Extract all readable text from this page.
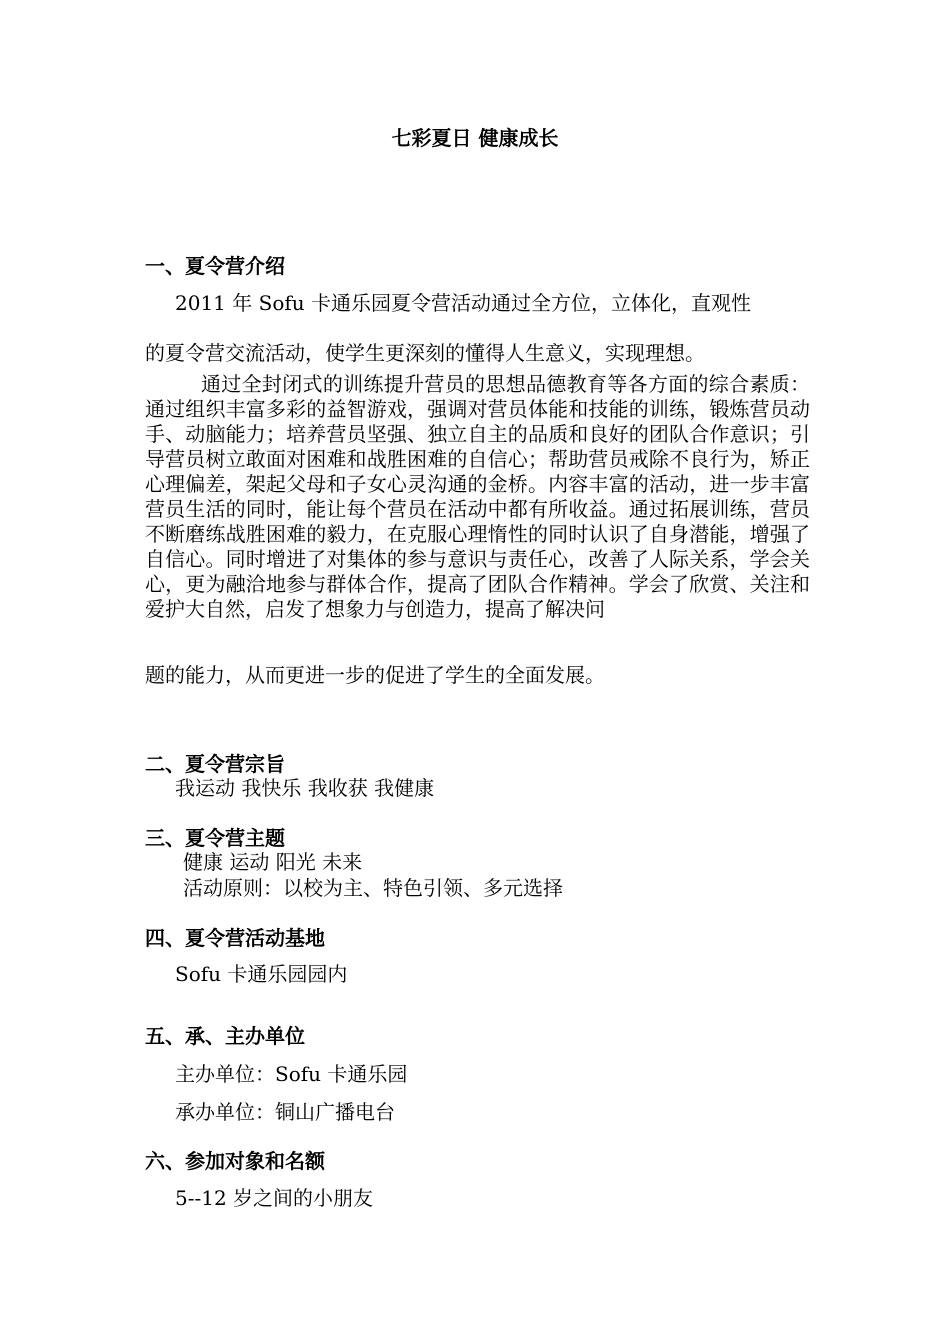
七彩夏日 健康成长
一、夏令营介绍
2011 年 Sofu 卡通乐园夏令营活动通过全方位，立体化，直观性
的夏令营交流活动，使学生更深刻的懂得人生意义，实现理想。
通过全封闭式的训练提升营员的思想品德教育等各方面的综合素质：通过组织丰富多彩的益智游戏，强调对营员体能和技能的训练，锻炼营员动手、动脑能力；培养营员坚强、独立自主的品质和良好的团队合作意识；引导营员树立敢面对困难和战胜困难的自信心；帮助营员戒除不良行为，矫正心理偏差，架起父母和子女心灵沟通的金桥。内容丰富的活动，进一步丰富营员生活的同时，能让每个营员在活动中都有所收益。通过拓展训练，营员不断磨练战胜困难的毅力，在克服心理惰性的同时认识了自身潜能，增强了自信心。同时增进了对集体的参与意识与责任心，改善了人际关系，学会关心，更为融洽地参与群体合作，提高了团队合作精神。学会了欣赏、关注和爱护大自然，启发了想象力与创造力，提高了解决问
题的能力，从而更进一步的促进了学生的全面发展。
二、夏令营宗旨
我运动 我快乐 我收获 我健康
三、夏令营主题
健康 运动 阳光 未来
活动原则：以校为主、特色引领、多元选择
四、夏令营活动基地
Sofu 卡通乐园园内
五、承、主办单位
主办单位：Sofu 卡通乐园
承办单位：铜山广播电台
六、参加对象和名额
5--12 岁之间的小朋友
